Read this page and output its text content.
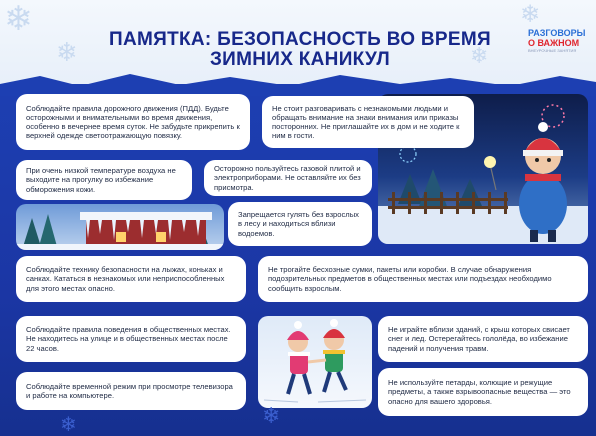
❄
❄
❄
❄
ПАМЯТКА: БЕЗОПАСНОСТЬ ВО ВРЕМЯ
ЗИМНИХ КАНИКУЛ
РАЗГОВОРЫ
О ВАЖНОМ
ВНЕУРОЧНЫЕ ЗАНЯТИЯ
Соблюдайте правила дорожного движения (ПДД). Будьте осторожными и внимательными во время движения, особенно в вечернее время суток. Не забудьте прикрепить к верхней одежде светоотражающую повязку.
Не стоит разговаривать с незнакомыми людьми и обращать внимание на знаки внимания или приказы посторонних. Не приглашайте их в дом и не ходите к ним в гости.
При очень низкой температуре воздуха не выходите на прогулку во избежание обморожения кожи.
Осторожно пользуйтесь газовой плитой и электроприборами. Не оставляйте их без присмотра.
Запрещается гулять без взрослых в лесу и находиться вблизи водоемов.
Соблюдайте технику безопасности на лыжах, коньках и санках. Кататься в незнакомых или неприспособленных для этого местах опасно.
Не трогайте бесхозные сумки, пакеты или коробки. В случае обнаружения подозрительных предметов в общественных местах или подъездах необходимо сообщить взрослым.
Соблюдайте правила поведения в общественных местах. Не находитесь на улице и в общественных местах после 22 часов.
Не играйте вблизи зданий, с крыш которых свисает снег и лед. Остерегайтесь гололёда, во избежание падений и получения травм.
Соблюдайте временной режим при просмотре телевизора и работе на компьютере.
Не используйте петарды, колющие и режущие предметы, а также взрывоопасные вещества — это опасно для вашего здоровья.
❄
❄
